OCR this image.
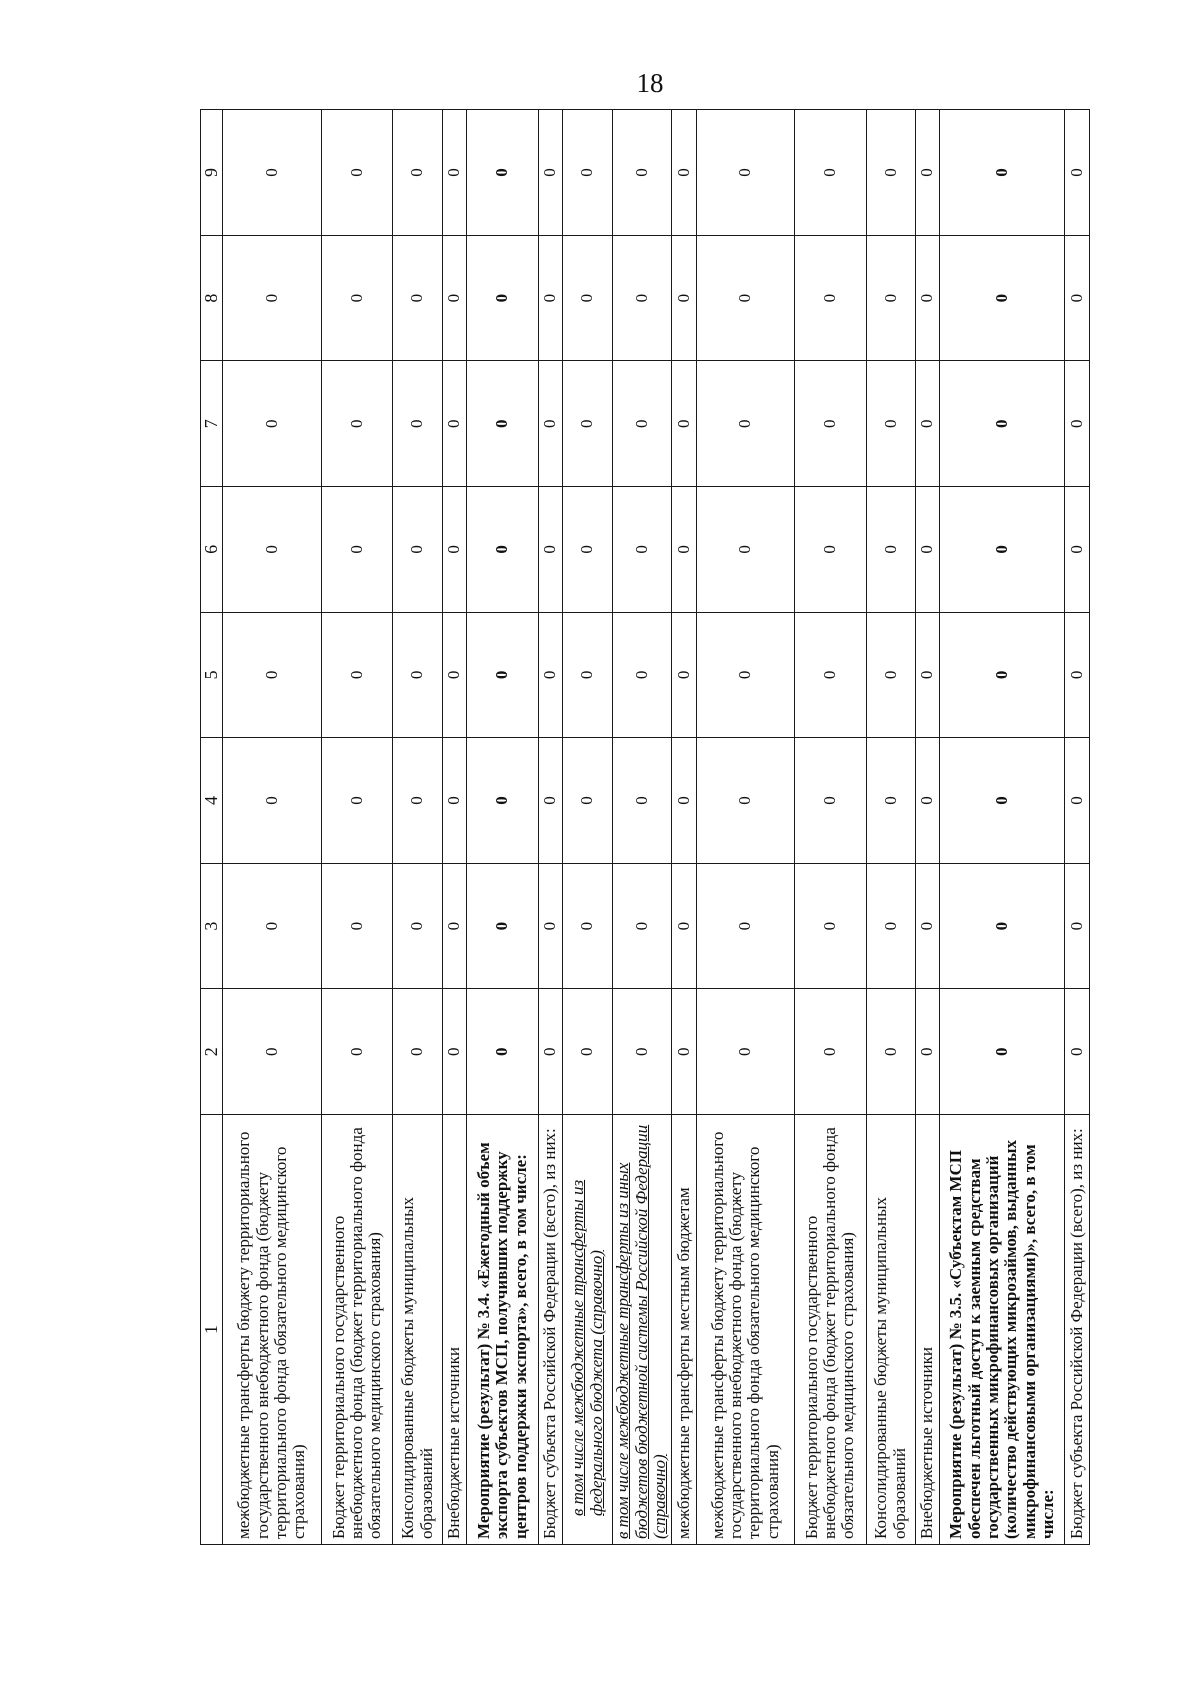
18
1	2	3	4	5	6	7	8	9
межбюджетные трансферты бюджету территориального государственного внебюджетного фонда (бюджету территориального фонда обязательного медицинского страхования)	0	0	0	0	0	0	0	0
Бюджет территориального государственного внебюджетного фонда (бюджет территориального фонда обязательного медицинского страхования)	0	0	0	0	0	0	0	0
Консолидированные бюджеты муниципальных образований	0	0	0	0	0	0	0	0
Внебюджетные источники	0	0	0	0	0	0	0	0
Мероприятие (результат) № 3.4. «Ежегодный объем экспорта субъектов МСП, получивших поддержку центров поддержки экспорта», всего, в том числе:	0	0	0	0	0	0	0	0
Бюджет субъекта Российской Федерации (всего), из них:	0	0	0	0	0	0	0	0
в том числе межбюджетные трансферты из федерального бюджета (справочно)	0	0	0	0	0	0	0	0
в том числе межбюджетные трансферты из иных бюджетов бюджетной системы Российской Федерации (справочно)	0	0	0	0	0	0	0	0
межбюджетные трансферты местным бюджетам	0	0	0	0	0	0	0	0
межбюджетные трансферты бюджету территориального государственного внебюджетного фонда (бюджету территориального фонда обязательного медицинского страхования)	0	0	0	0	0	0	0	0
Бюджет территориального государственного внебюджетного фонда (бюджет территориального фонда обязательного медицинского страхования)	0	0	0	0	0	0	0	0
Консолидированные бюджеты муниципальных образований	0	0	0	0	0	0	0	0
Внебюджетные источники	0	0	0	0	0	0	0	0
Мероприятие (результат) № 3.5. «Субъектам МСП обеспечен льготный доступ к заемным средствам государственных микрофинансовых организаций (количество действующих микрозаймов, выданных микрофинансовыми организациями)», всего, в том числе:	0	0	0	0	0	0	0	0
Бюджет субъекта Российской Федерации (всего), из них:	0	0	0	0	0	0	0	0
